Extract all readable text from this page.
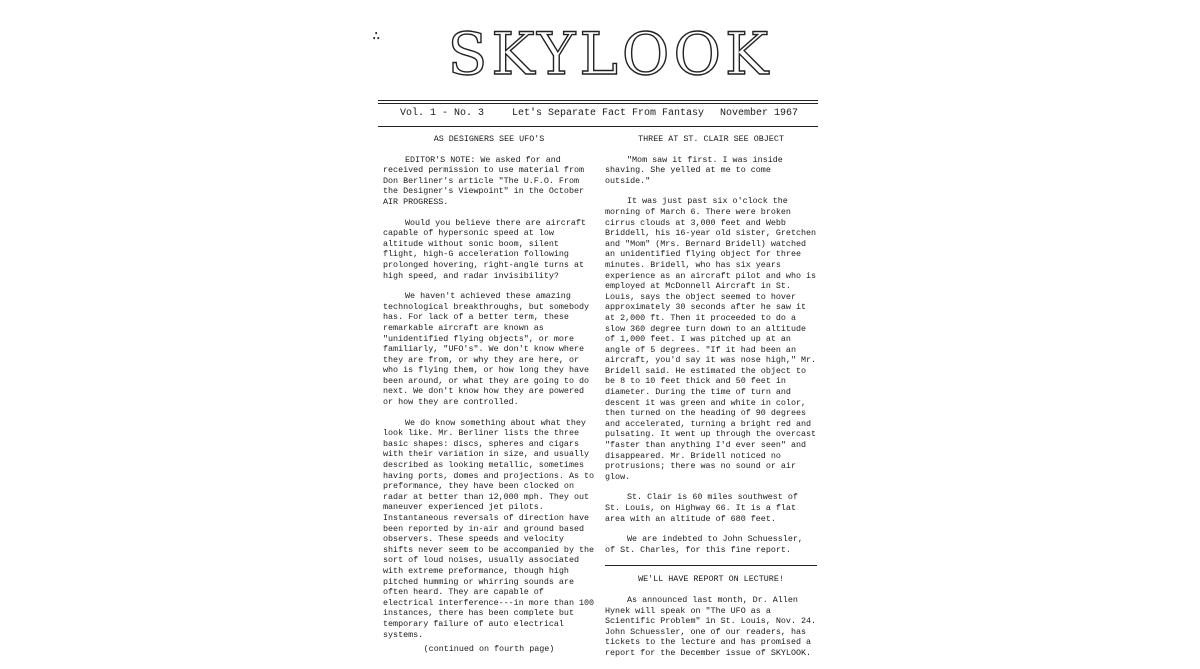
∴ SKYLOOK
Vol. 1 - No. 3	Let's Separate Fact From Fantasy November 1967
AS DESIGNERS SEE UFO'S

EDITOR'S NOTE: We asked for and received permission to use material from Don Berliner's article "The U.F.O. From the Designer's Viewpoint" in the October AIR PROGRESS.

Would you believe there are aircraft capable of hypersonic speed at low altitude without sonic boom, silent flight, high-G acceleration following prolonged hovering, right-angle turns at high speed, and radar invisibility?

We haven't achieved these amazing technological breakthroughs, but somebody has. For lack of a better term, these remarkable aircraft are known as "unidentified flying objects", or more familiarly, "UFO's". We don't know where they are from, or why they are here, or who is flying them, or how long they have been around, or what they are going to do next. We don't know how they are powered or how they are controlled.

We do know something about what they look like. Mr. Berliner lists the three basic shapes: discs, spheres and cigars with their variation in size, and usually described as looking metallic, sometimes having ports, domes and projections. As to preformance, they have been clocked on radar at better than 12,000 mph. They out maneuver experienced jet pilots. Instantaneous reversals of direction have been reported by in-air and ground based observers. These speeds and velocity shifts never seem to be accompanied by the sort of loud noises, usually associated with extreme preformance, though high pitched humming or whirring sounds are often heard. They are capable of electrical interference---in more than 100 instances, there has been complete but temporary failure of auto electrical systems.

(continued on fourth page)

THREE AT ST. CLAIR SEE OBJECT

"Mom saw it first. I was inside shaving. She yelled at me to come outside."

It was just past six o'clock the morning of March 6. There were broken cirrus clouds at 3,000 feet and Webb Briddell, his 16-year old sister, Gretchen and "Mom" (Mrs. Bernard Bridell) watched an unidentified flying object for three minutes. Bridell, who has six years experience as an aircraft pilot and who is employed at McDonnell Aircraft in St. Louis, says the object seemed to hover approximately 30 seconds after he saw it at 2,000 ft. Then it proceeded to do a slow 360 degree turn down to an altitude of 1,000 feet. I was pitched up at an angle of 5 degrees. "If it had been an aircraft, you'd say it was nose high," Mr. Bridell said. He estimated the object to be 8 to 10 feet thick and 50 feet in diameter. During the time of turn and descent it was green and white in color, then turned on the heading of 90 degrees and accelerated, turning a bright red and pulsating. It went up through the overcast "faster than anything I'd ever seen" and disappeared. Mr. Bridell noticed no protrusions; there was no sound or air glow.

St. Clair is 60 miles southwest of St. Louis, on Highway 66. It is a flat area with an altitude of 680 feet.

We are indebted to John Schuessler, of St. Charles, for this fine report.

WE'LL HAVE REPORT ON LECTURE!

As announced last month, Dr. Allen Hynek will speak on "The UFO as a Scientific Problem" in St. Louis, Nov. 24. John Schuessler, one of our readers, has tickets to the lecture and has promised a report for the December issue of SKYLOOK.
